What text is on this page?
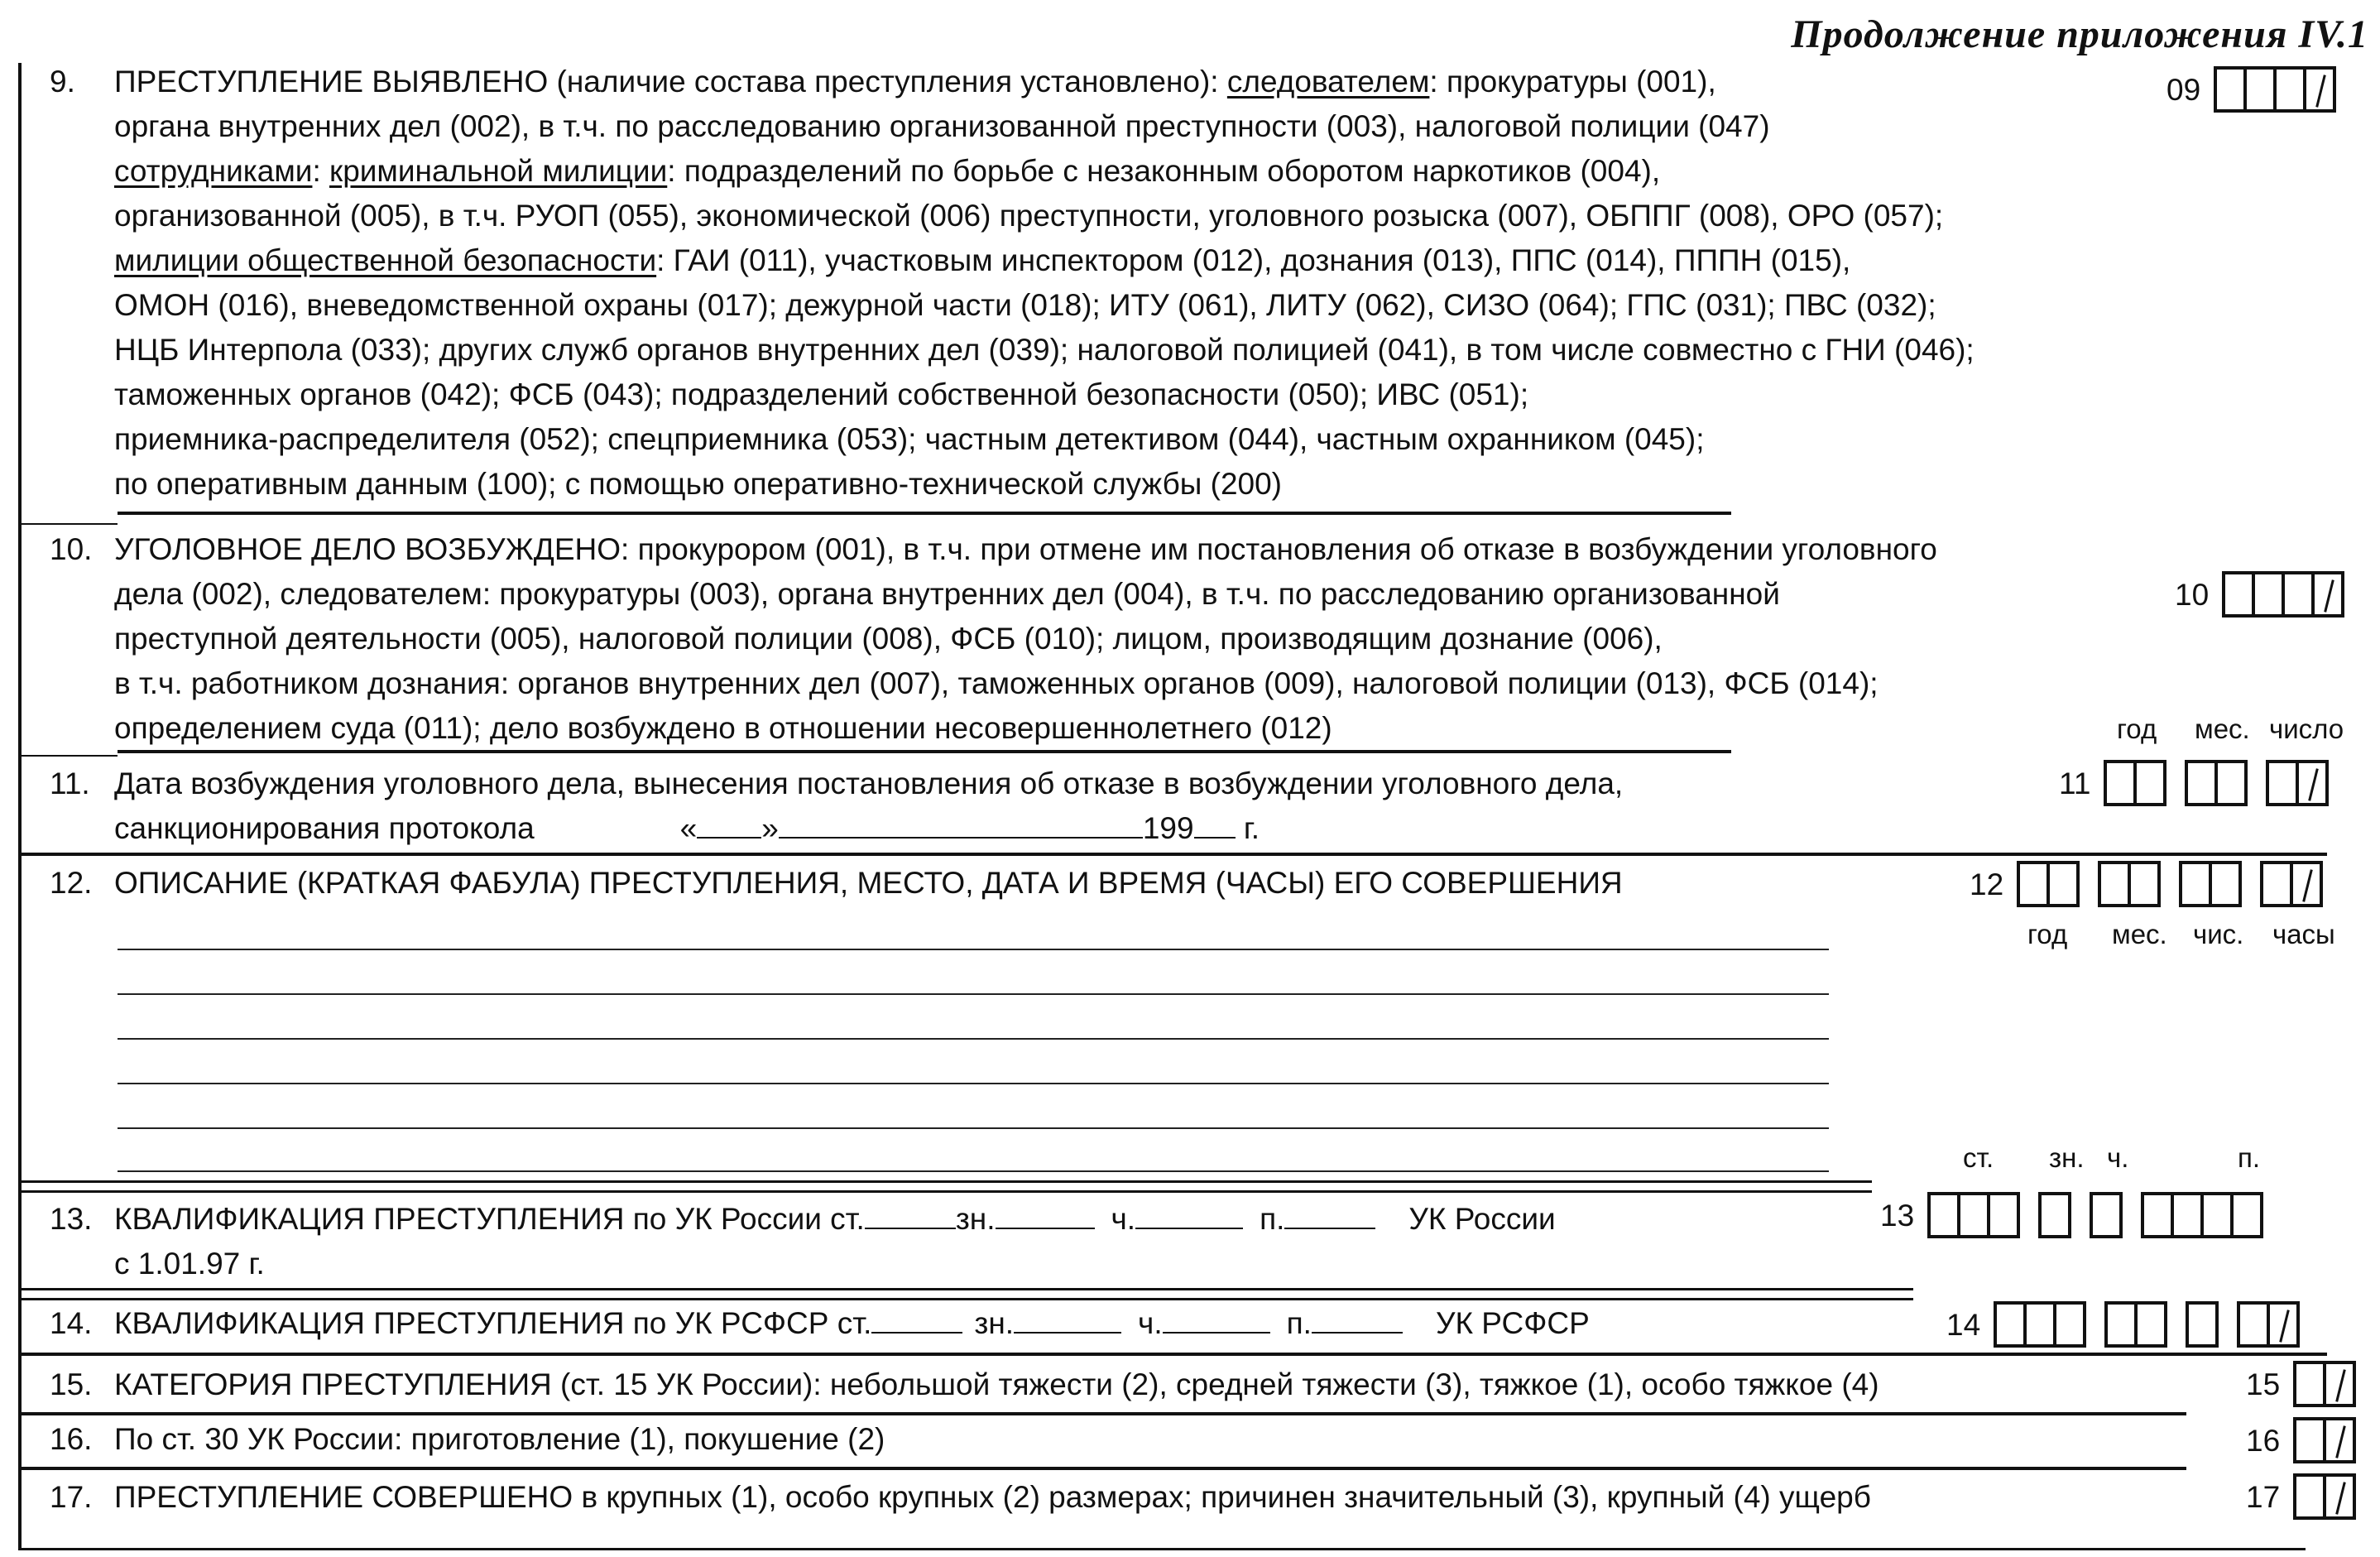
Продолжение приложения IV.1
9. ПРЕСТУПЛЕНИЕ ВЫЯВЛЕНО (наличие состава преступления установлено): следователем: прокуратуры (001),
органа внутренних дел (002), в т.ч. по расследованию организованной преступности (003), налоговой полиции (047)
сотрудниками: криминальной милиции: подразделений по борьбе с незаконным оборотом наркотиков (004),
организованной (005), в т.ч. РУОП (055), экономической (006) преступности, уголовного розыска (007), ОБППГ (008), ОРО (057);
милиции общественной безопасности: ГАИ (011), участковым инспектором (012), дознания (013), ППС (014), ПППН (015),
ОМОН (016), вневедомственной охраны (017); дежурной части (018); ИТУ (061), ЛИТУ (062), СИЗО (064); ГПС (031); ПВС (032);
НЦБ Интерпола (033); других служб органов внутренних дел (039); налоговой полицией (041), в том числе совместно с ГНИ (046);
таможенных органов (042); ФСБ (043); подразделений собственной безопасности (050); ИВС (051);
приемника-распределителя (052); спецприемника (053); частным детективом (044), частным охранником (045);
по оперативным данным (100); с помощью оперативно-технической службы (200)
09
10. УГОЛОВНОЕ ДЕЛО ВОЗБУЖДЕНО: прокурором (001), в т.ч. при отмене им постановления об отказе в возбуждении уголовного
дела (002), следователем: прокуратуры (003), органа внутренних дел (004), в т.ч. по расследованию организованной
преступной деятельности (005), налоговой полиции (008), ФСБ (010); лицом, производящим дознание (006),
в т.ч. работником дознания: органов внутренних дел (007), таможенных органов (009), налоговой полиции (013), ФСБ (014);
определением суда (011); дело возбуждено в отношении несовершеннолетнего (012)
10
год мес. число
11. Дата возбуждения уголовного дела, вынесения постановления об отказе в возбуждении уголовного дела,
санкционирования протокола	« »	199 г.
11
12. ОПИСАНИЕ (КРАТКАЯ ФАБУЛА) ПРЕСТУПЛЕНИЯ, МЕСТО, ДАТА И ВРЕМЯ (ЧАСЫ) ЕГО СОВЕРШЕНИЯ	12
год мес. чис. часы
ст. зн. ч.	п.
13. КВАЛИФИКАЦИЯ ПРЕСТУПЛЕНИЯ по УК России ст.	зн.	ч.	п.	УК России
с 1.01.97 г.
13
14. КВАЛИФИКАЦИЯ ПРЕСТУПЛЕНИЯ по УК РСФСР ст.	зн.	ч.	п.	УК РСФСР	14
15. КАТЕГОРИЯ ПРЕСТУПЛЕНИЯ (ст. 15 УК России): небольшой тяжести (2), средней тяжести (3), тяжкое (1), особо тяжкое (4)	15
16. По ст. 30 УК России: приготовление (1), покушение (2)	16
17. ПРЕСТУПЛЕНИЕ СОВЕРШЕНО в крупных (1), особо крупных (2) размерах; причинен значительный (3), крупный (4) ущерб	17
